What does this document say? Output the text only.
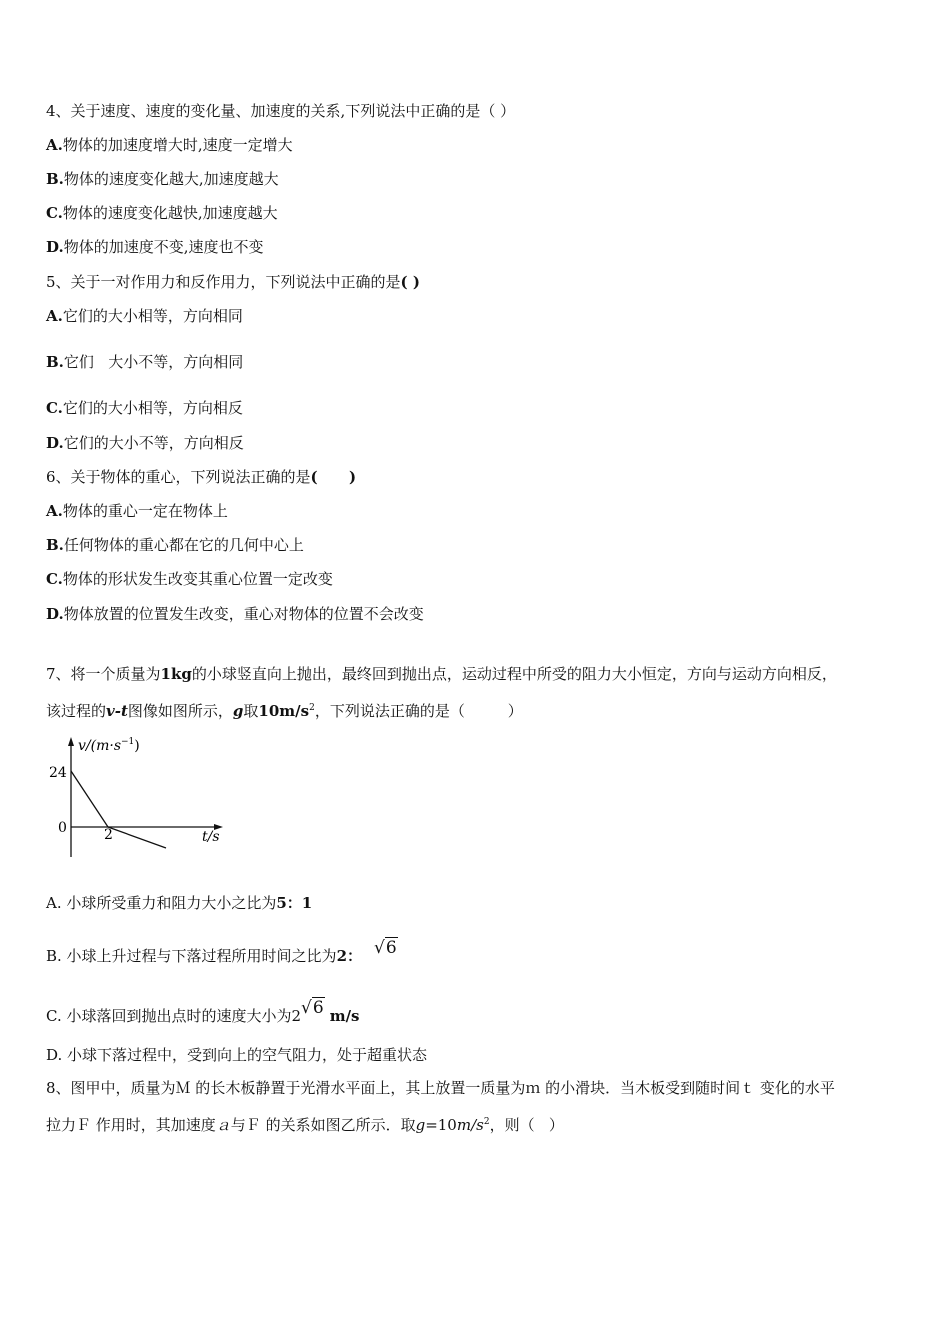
4、关于速度、速度的变化量、加速度的关系,下列说法中正确的是（ ）
A.物体的加速度增大时,速度一定增大
B.物体的速度变化越大,加速度越大
C.物体的速度变化越快,加速度越大
D.物体的加速度不变,速度也不变
5、关于一对作用力和反作用力，下列说法中正确的是( )
A.它们的大小相等，方向相同
B.它们   大小不等，方向相同
C.它们的大小相等，方向相反
D.它们的大小不等，方向相反
6、关于物体的重心，下列说法正确的是(      )
A.物体的重心一定在物体上
B.任何物体的重心都在它的几何中心上
C.物体的形状发生改变其重心位置一定改变
D.物体放置的位置发生改变，重心对物体的位置不会改变
7、将一个质量为1kg的小球竖直向上抛出，最终回到抛出点，运动过程中所受的阻力大小恒定，方向与运动方向相反，
该过程的v-t图像如图所示，g取$10m/s^2$，下列说法正确的是（         ）
$v/(m\cdot s^{-1})$
24
0	2	t/s
A. 小球所受重力和阻力大小之比为5：1
B. 小球上升过程与下落过程所用时间之比为2： √6
C. 小球落回到抛出点时的速度大小为2√6 m/s
D. 小球下落过程中，受到向上的空气阻力，处于超重状态
8、图甲中，质量为Ｍ 的长木板静置于光滑水平面上，其上放置一质量为ｍ 的小滑块．当木板受到随时间ｔ 变化的水平
拉力Ｆ 作用时，其加速度ａ与Ｆ 的关系如图乙所示．取$g=10m/s^2$，则（   ）
